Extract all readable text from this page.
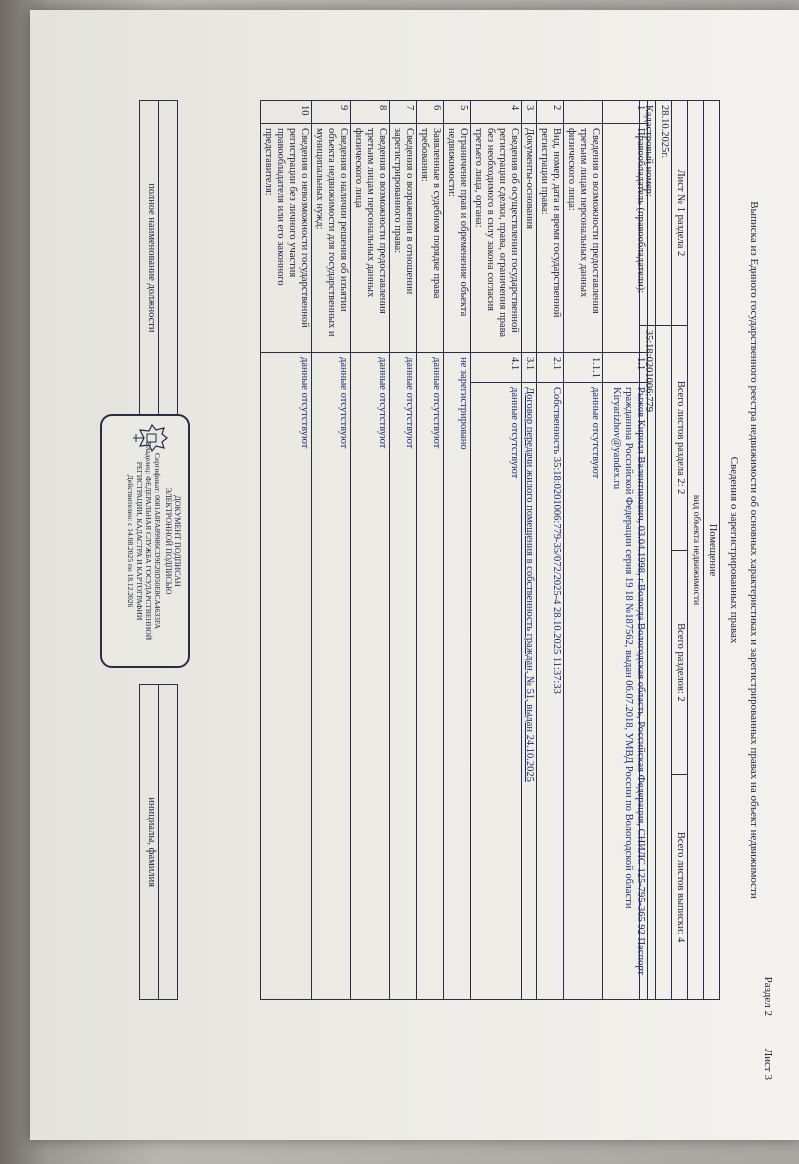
Раздел 2 Лист 3
Выписка из Единого государственного реестра недвижимости об основных характеристиках и зарегистрированных правах на объект недвижимости
Сведения о зарегистрированных правах
Помещение			
вид объекта недвижимости			
Лист № 1 раздела 2	Всего листов раздела 2: 2	Всего разделов: 2	Всего листов выписки: 4
28.10.2025г.			
Кадастровый номер:	35:18:0201006:779		
1	Правообладатель (правообладатели):	1.1	Рыжов Кирилл Валентинович, 03.04.1998, г.Вологда Вологодская область, Российская Федерация, СНИЛС 125-795-365 92 Паспорт гражданина Российской Федерации серия 19 18 №187562, выдан 06.07.2018, УМВД России по Вологодской области Kiryarizhov@yandex.ru
	Сведения о возможности предоставления третьим лицам персональных данных физического лица:	1.1.1	данные отсутствуют
2	Вид, номер, дата и время государственной регистрации права:	2.1	Собственность 35:18:0201006:779-35/072/2025-4 28.10.2025 11:37:33
3	Документы-основания	3.1	Договор передачи жилого помещения в собственность граждан, № 51, выдан 24.10.2025
4	Сведения об осуществлении государственной регистрации сделки, права, ограничения права без необходимого в силу закона согласия третьего лица, органа:	4.1	данные отсутствуют
5	Ограничение прав и обременение объекта недвижимости:	не зарегистрировано	
6	Заявленные в судебном порядке права требования:	данные отсутствуют	
7	Сведения о возражении в отношении зарегистрированного права:	данные отсутствуют	
8	Сведения о возможности предоставления третьим лицам персональных данных физического лица	данные отсутствуют	
9	Сведения о наличии решения об изъятии объекта недвижимости для государственных и муниципальных нужд:	данные отсутствуют	
10	Сведения о невозможности государственной регистрации без личного участия правообладателя или его законного представителя:	данные отсутствуют	

полное наименование должности		инициалы, фамилия
ДОКУМЕНТ ПОДПИСАН
ЭЛЕКТРОННОЙ ПОДПИСЬЮ
Сертификат: 0081A8FA89986CD9E20D50E8CA4633FA
Владелец: ФЕДЕРАЛЬНАЯ СЛУЖБА ГОСУДАРСТВЕННОЙ
РЕГИСТРАЦИИ, КАДАСТРА И КАРТОГРАФИИ
Действителен: с 14.08.2025 по 18.12.2026
